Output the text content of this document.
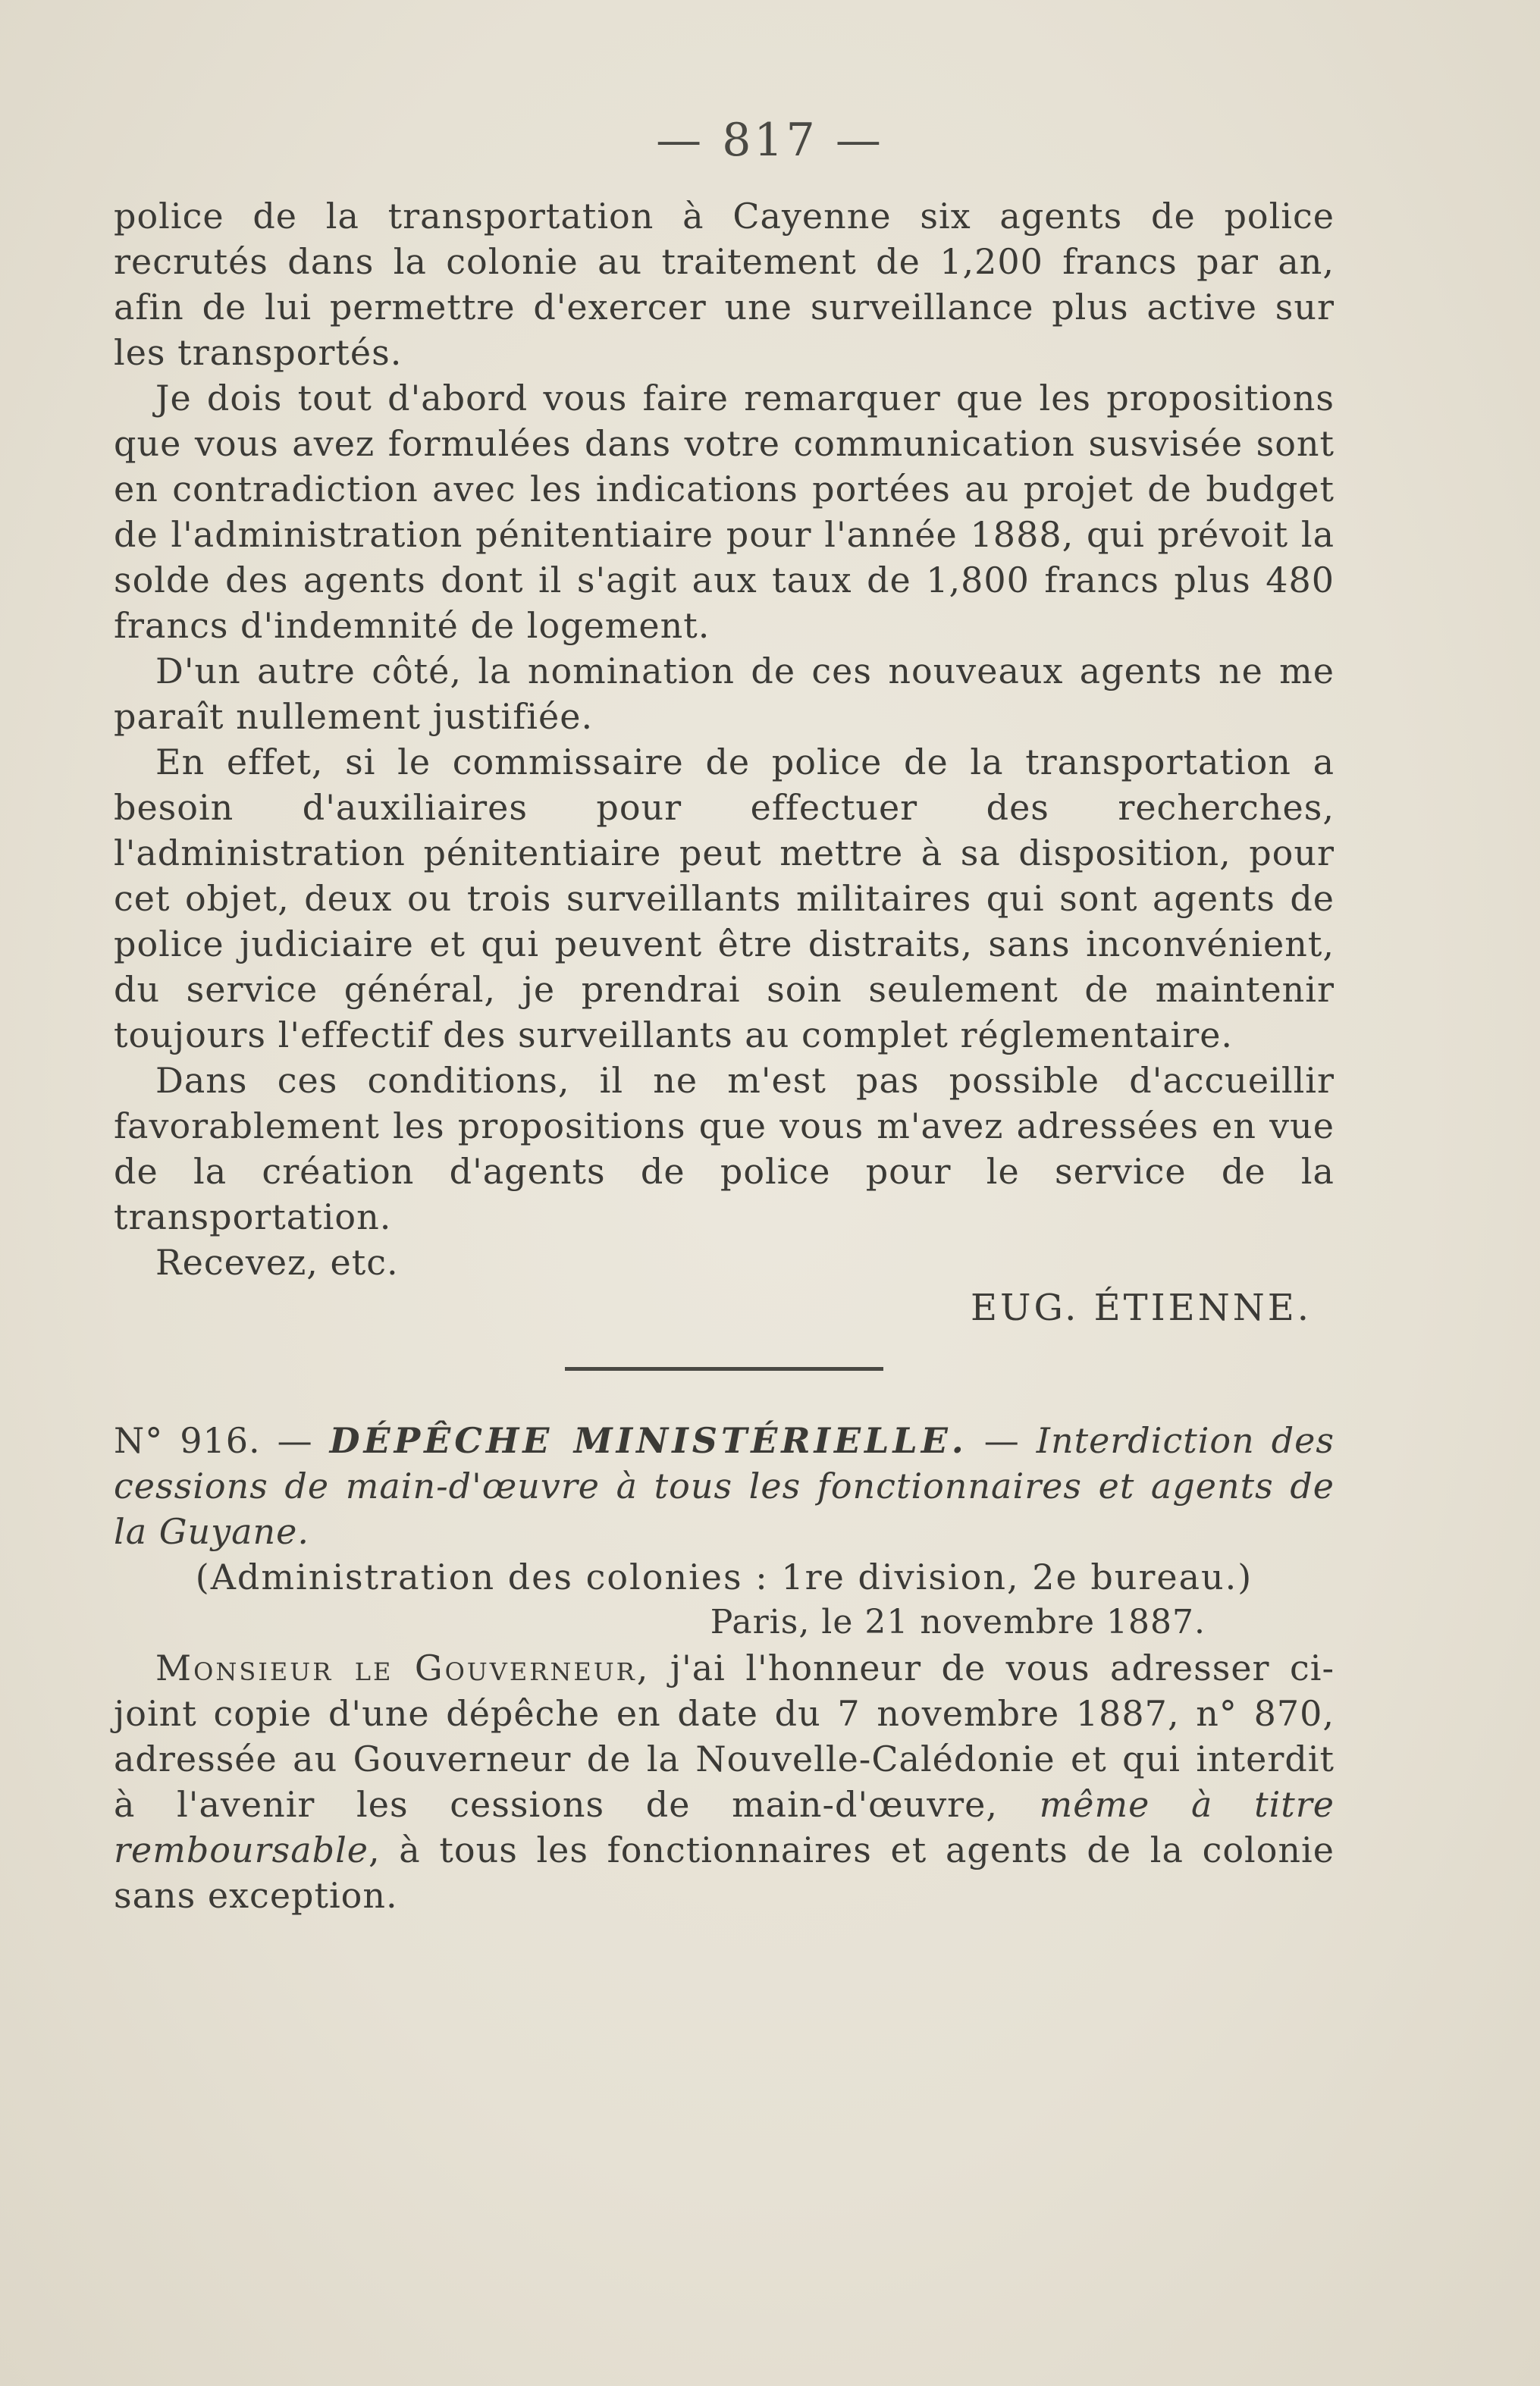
— 817 —

police de la transportation à Cayenne six agents de police recrutés dans la colonie au traitement de 1,200 francs par an, afin de lui permettre d'exercer une surveillance plus active sur les transportés.

Je dois tout d'abord vous faire remarquer que les propositions que vous avez formulées dans votre communication susvisée sont en contradiction avec les indications portées au projet de budget de l'administration pénitentiaire pour l'année 1888, qui prévoit la solde des agents dont il s'agit aux taux de 1,800 francs plus 480 francs d'indemnité de logement.

D'un autre côté, la nomination de ces nouveaux agents ne me paraît nullement justifiée.

En effet, si le commissaire de police de la transportation a besoin d'auxiliaires pour effectuer des recherches, l'administration pénitentiaire peut mettre à sa disposition, pour cet objet, deux ou trois surveillants militaires qui sont agents de police judiciaire et qui peuvent être distraits, sans inconvénient, du service général, je prendrai soin seulement de maintenir toujours l'effectif des surveillants au complet réglementaire.

Dans ces conditions, il ne m'est pas possible d'accueillir favorablement les propositions que vous m'avez adressées en vue de la création d'agents de police pour le service de la transportation.

Recevez, etc.

EUG. ÉTIENNE.

N° 916. — DÉPÊCHE MINISTÉRIELLE. — Interdiction des cessions de main-d'œuvre à tous les fonctionnaires et agents de la Guyane.

(Administration des colonies : 1re division, 2e bureau.)

Paris, le 21 novembre 1887.

Monsieur le Gouverneur, j'ai l'honneur de vous adresser ci-joint copie d'une dépêche en date du 7 novembre 1887, n° 870, adressée au Gouverneur de la Nouvelle-Calédonie et qui interdit à l'avenir les cessions de main-d'œuvre, même à titre remboursable, à tous les fonctionnaires et agents de la colonie sans exception.
